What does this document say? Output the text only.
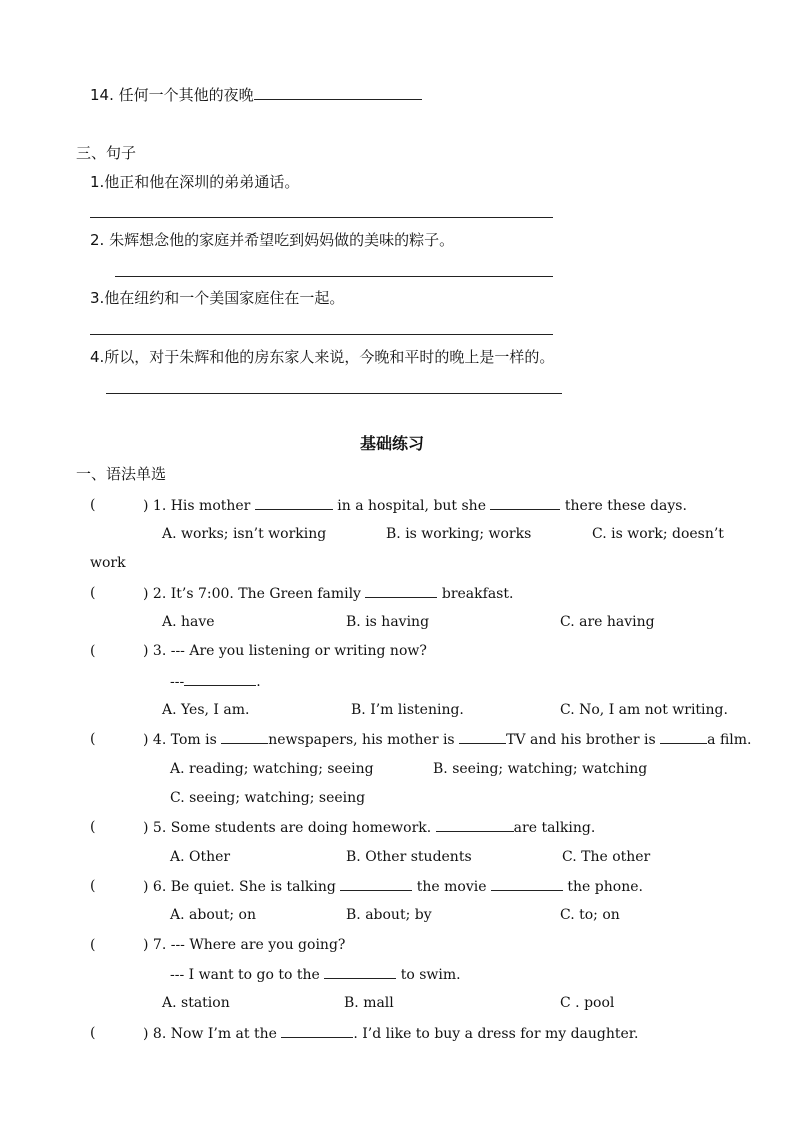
14. 任何一个其他的夜晚
三、句子
1.他正和他在深圳的弟弟通话。
2. 朱辉想念他的家庭并希望吃到妈妈做的美味的粽子。
3.他在纽约和一个美国家庭住在一起。
4.所以，对于朱辉和他的房东家人来说，今晚和平时的晚上是一样的。
基础练习
一、语法单选
(	) 1. His mother	in a hospital, but she	there these days.
A. works; isn’t working	B. is working; works	C. is work; doesn’t
work
(	) 2. It’s 7:00. The Green family	breakfast.
A. have	B. is having	C. are having
(	) 3. --- Are you listening or writing now?
---	.
A. Yes, I am.	B. I’m listening.	C. No, I am not writing.
(	) 4. Tom is	newspapers, his mother is	TV and his brother is	a film.
A. reading; watching; seeing	B. seeing; watching; watching
C. seeing; watching; seeing
(	) 5. Some students are doing homework.	are talking.
A. Other	B. Other students	C. The other
(	) 6. Be quiet. She is talking	the movie	the phone.
A. about; on	B. about; by	C. to; on
(	) 7. --- Where are you going?
--- I want to go to the	to swim.
A. station	B. mall	C . pool
(	) 8. Now I’m at the	. I’d like to buy a dress for my daughter.
